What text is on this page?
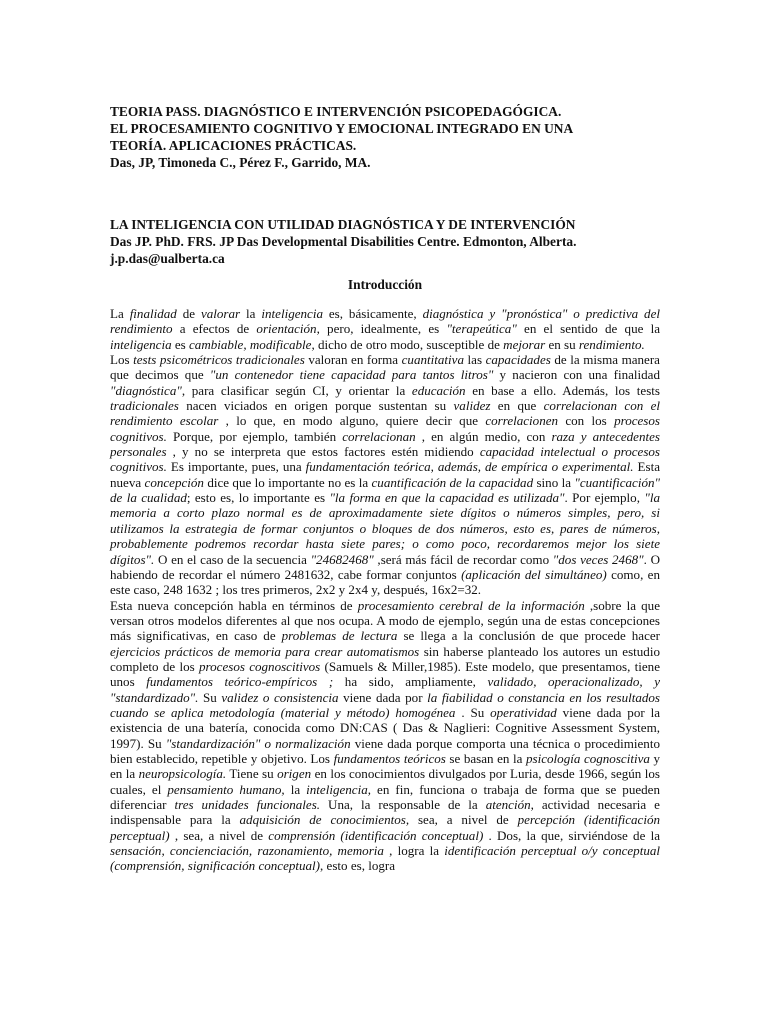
TEORIA PASS. DIAGNÓSTICO E INTERVENCIÓN PSICOPEDAGÓGICA.
EL PROCESAMIENTO COGNITIVO Y EMOCIONAL INTEGRADO EN UNA
TEORÍA. APLICACIONES PRÁCTICAS.
Das, JP, Timoneda C., Pérez F., Garrido, MA.
LA INTELIGENCIA CON UTILIDAD DIAGNÓSTICA Y DE INTERVENCIÓN
Das JP. PhD. FRS. JP Das Developmental Disabilities Centre. Edmonton, Alberta.
j.p.das@ualberta.ca
Introducción

La finalidad de valorar la inteligencia es, básicamente, diagnóstica y "pronóstica" o predictiva del rendimiento a efectos de orientación, pero, idealmente, es "terapeútica" en el sentido de que la inteligencia es cambiable, modificable, dicho de otro modo, susceptible de mejorar en su rendimiento.

Los tests psicométricos tradicionales valoran en forma cuantitativa las capacidades de la misma manera que decimos que "un contenedor tiene capacidad para tantos litros" y nacieron con una finalidad "diagnóstica", para clasificar según CI, y orientar la educación en base a ello. Además, los tests tradicionales nacen viciados en origen porque sustentan su validez en que correlacionan con el rendimiento escolar , lo que, en modo alguno, quiere decir que correlacionen con los procesos cognitivos. Porque, por ejemplo, también correlacionan , en algún medio, con raza y antecedentes personales , y no se interpreta que estos factores estén midiendo capacidad intelectual o procesos cognitivos. Es importante, pues, una fundamentación teórica, además, de empírica o experimental. Esta nueva concepción dice que lo importante no es la cuantificación de la capacidad sino la "cuantificación" de la cualidad; esto es, lo importante es "la forma en que la capacidad es utilizada". Por ejemplo, "la memoria a corto plazo normal es de aproximadamente siete dígitos o números simples, pero, si utilizamos la estrategia de formar conjuntos o bloques de dos números, esto es, pares de números, probablemente podremos recordar hasta siete pares; o como poco, recordaremos mejor los siete dígitos". O en el caso de la secuencia "24682468" ,será más fácil de recordar como "dos veces 2468". O habiendo de recordar el número 2481632, cabe formar conjuntos (aplicación del simultáneo) como, en este caso, 248 1632 ; los tres primeros, 2x2 y 2x4 y, después, 16x2=32.

Esta nueva concepción habla en términos de procesamiento cerebral de la información ,sobre la que versan otros modelos diferentes al que nos ocupa. A modo de ejemplo, según una de estas concepciones más significativas, en caso de problemas de lectura se llega a la conclusión de que procede hacer ejercicios prácticos de memoria para crear automatismos sin haberse planteado los autores un estudio completo de los procesos cognoscitivos (Samuels & Miller,1985). Este modelo, que presentamos, tiene unos fundamentos teórico-empíricos ; ha sido, ampliamente, validado, operacionalizado, y "standardizado". Su validez o consistencia viene dada por la fiabilidad o constancia en los resultados cuando se aplica metodología (material y método) homogénea . Su operatividad viene dada por la existencia de una batería, conocida como DN:CAS ( Das & Naglieri: Cognitive Assessment System, 1997). Su "standardización" o normalización viene dada porque comporta una técnica o procedimiento bien establecido, repetible y objetivo. Los fundamentos teóricos se basan en la psicología cognoscitiva y en la neuropsicología. Tiene su origen en los conocimientos divulgados por Luria, desde 1966, según los cuales, el pensamiento humano, la inteligencia, en fin, funciona o trabaja de forma que se pueden diferenciar tres unidades funcionales. Una, la responsable de la atención, actividad necesaria e indispensable para la adquisición de conocimientos, sea, a nivel de percepción (identificación perceptual) , sea, a nivel de comprensión (identificación conceptual) . Dos, la que, sirviéndose de la sensación, concienciación, razonamiento, memoria , logra la identificación perceptual o/y conceptual (comprensión, significación conceptual), esto es, logra
